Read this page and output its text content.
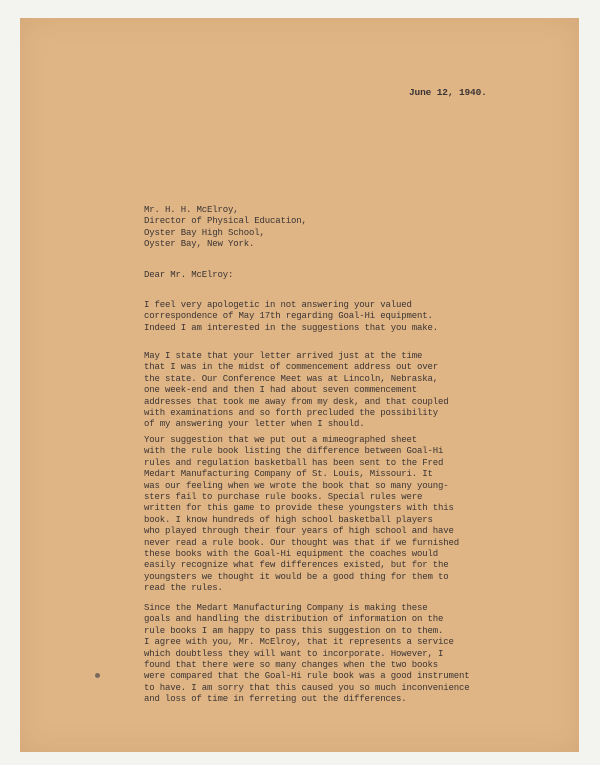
June 12, 1940.
Mr. H. H. McElroy,
Director of Physical Education,
Oyster Bay High School,
Oyster Bay, New York.
Dear Mr. McElroy:

I feel very apologetic in not answering your valued

correspondence of May 17th regarding Goal-Hi equipment.

Indeed I am interested in the suggestions that you make.

May I state that your letter arrived just at the time

that I was in the midst of commencement address out over

the state. Our Conference Meet was at Lincoln, Nebraska,

one week-end and then I had about seven commencement

addresses that took me away from my desk, and that coupled

with examinations and so forth precluded the possibility

of my answering your letter when I should.

Your suggestion that we put out a mimeographed sheet

with the rule book listing the difference between Goal-Hi

rules and regulation basketball has been sent to the Fred

Medart Manufacturing Company of St. Louis, Missouri. It

was our feeling when we wrote the book that so many young-

sters fail to purchase rule books. Special rules were

written for this game to provide these youngsters with this

book. I know hundreds of high school basketball players

who played through their four years of high school and have

never read a rule book. Our thought was that if we furnished

these books with the Goal-Hi equipment the coaches would

easily recognize what few differences existed, but for the

youngsters we thought it would be a good thing for them to

read the rules.

Since the Medart Manufacturing Company is making these

goals and handling the distribution of information on the

rule books I am happy to pass this suggestion on to them.

I agree with you, Mr. McElroy, that it represents a service

which doubtless they will want to incorporate. However, I

found that there were so many changes when the two books

were compared that the Goal-Hi rule book was a good instrument

to have. I am sorry that this caused you so much inconvenience

and loss of time in ferreting out the differences.
